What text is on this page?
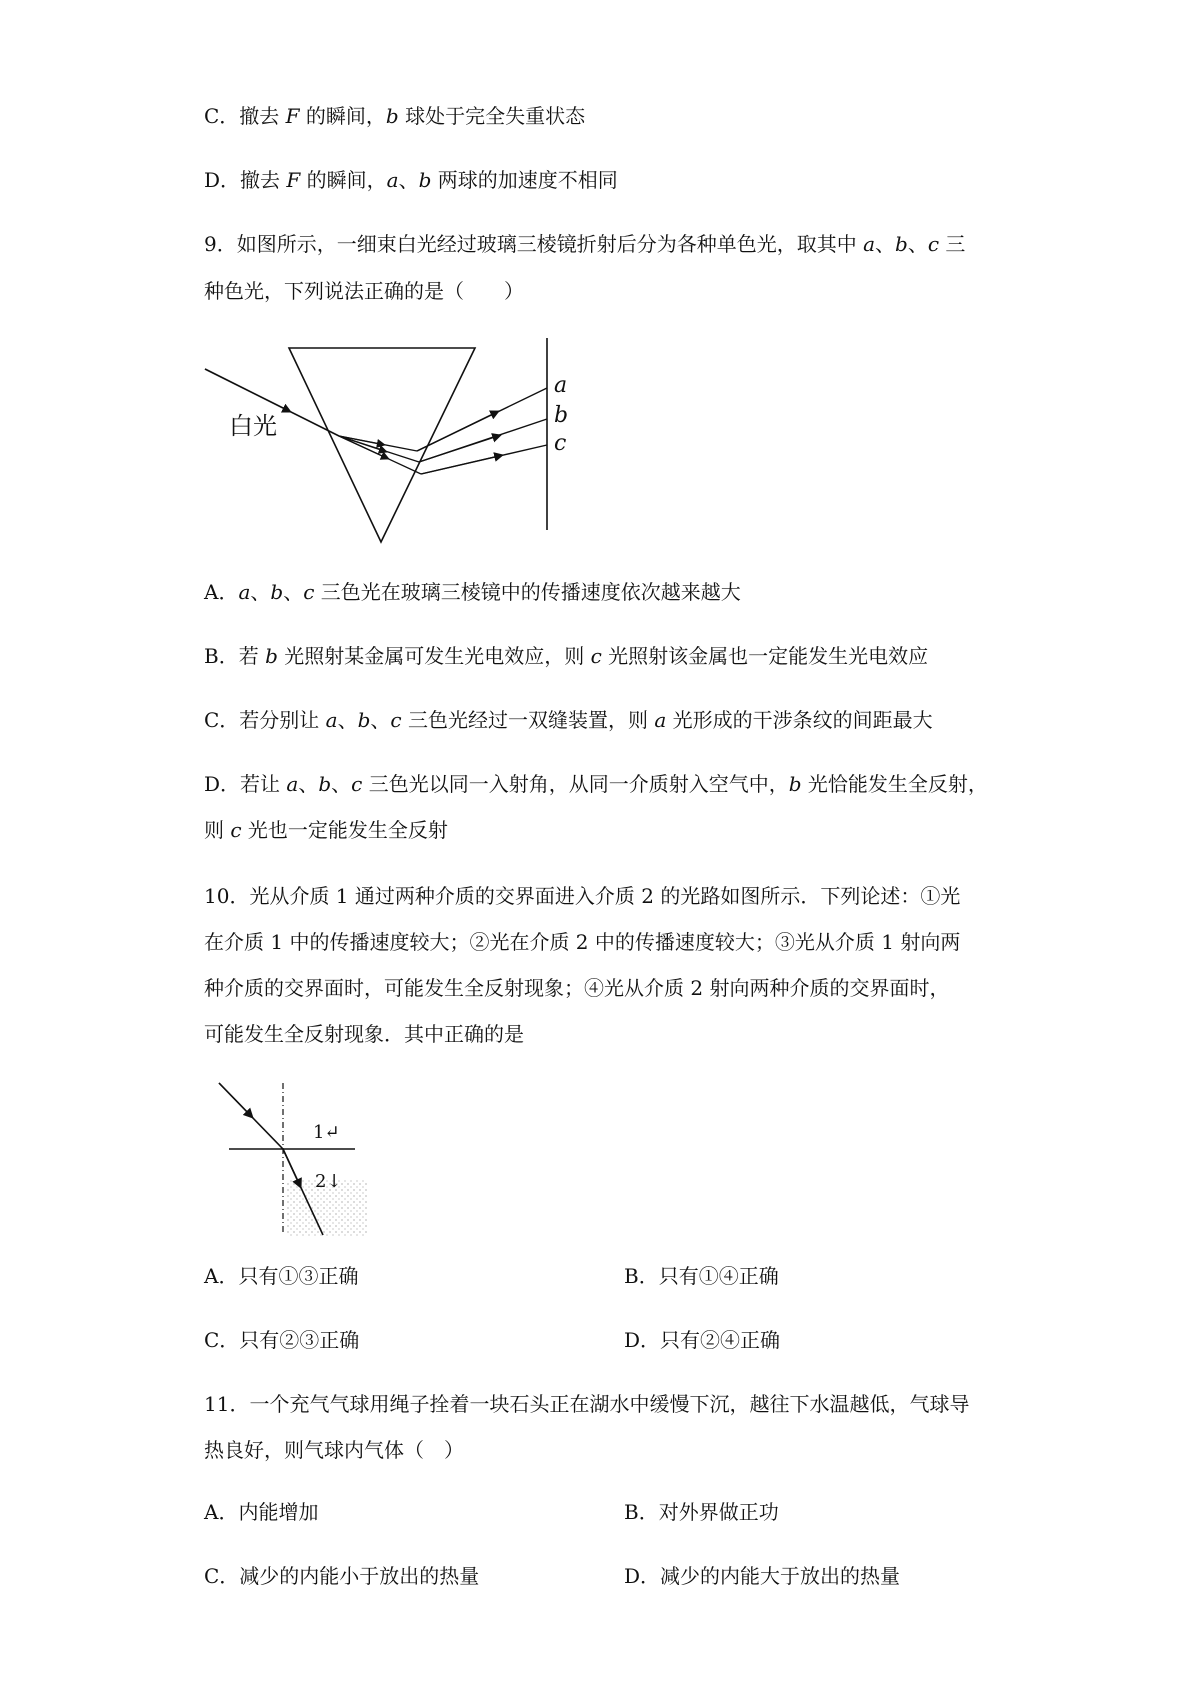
C．撤去 F 的瞬间，b 球处于完全失重状态
D．撤去 F 的瞬间，a、b 两球的加速度不相同
9．如图所示，一细束白光经过玻璃三棱镜折射后分为各种单色光，取其中 a、b、c 三
种色光，下列说法正确的是（　　）
白光
a
b
c
A．a、b、c 三色光在玻璃三棱镜中的传播速度依次越来越大
B．若 b 光照射某金属可发生光电效应，则 c 光照射该金属也一定能发生光电效应
C．若分别让 a、b、c 三色光经过一双缝装置，则 a 光形成的干涉条纹的间距最大
D．若让 a、b、c 三色光以同一入射角，从同一介质射入空气中，b 光恰能发生全反射，
则 c 光也一定能发生全反射
10．光从介质 1 通过两种介质的交界面进入介质 2 的光路如图所示．下列论述：①光
在介质 1 中的传播速度较大；②光在介质 2 中的传播速度较大；③光从介质 1 射向两
种介质的交界面时，可能发生全反射现象；④光从介质 2 射向两种介质的交界面时，
可能发生全反射现象．其中正确的是
1↵
2↓
A．只有①③正确	B．只有①④正确
C．只有②③正确	D．只有②④正确
11．一个充气气球用绳子拴着一块石头正在湖水中缓慢下沉，越往下水温越低，气球导
热良好，则气球内气体（　）
A．内能增加	B．对外界做正功
C．减少的内能小于放出的热量	D．减少的内能大于放出的热量
